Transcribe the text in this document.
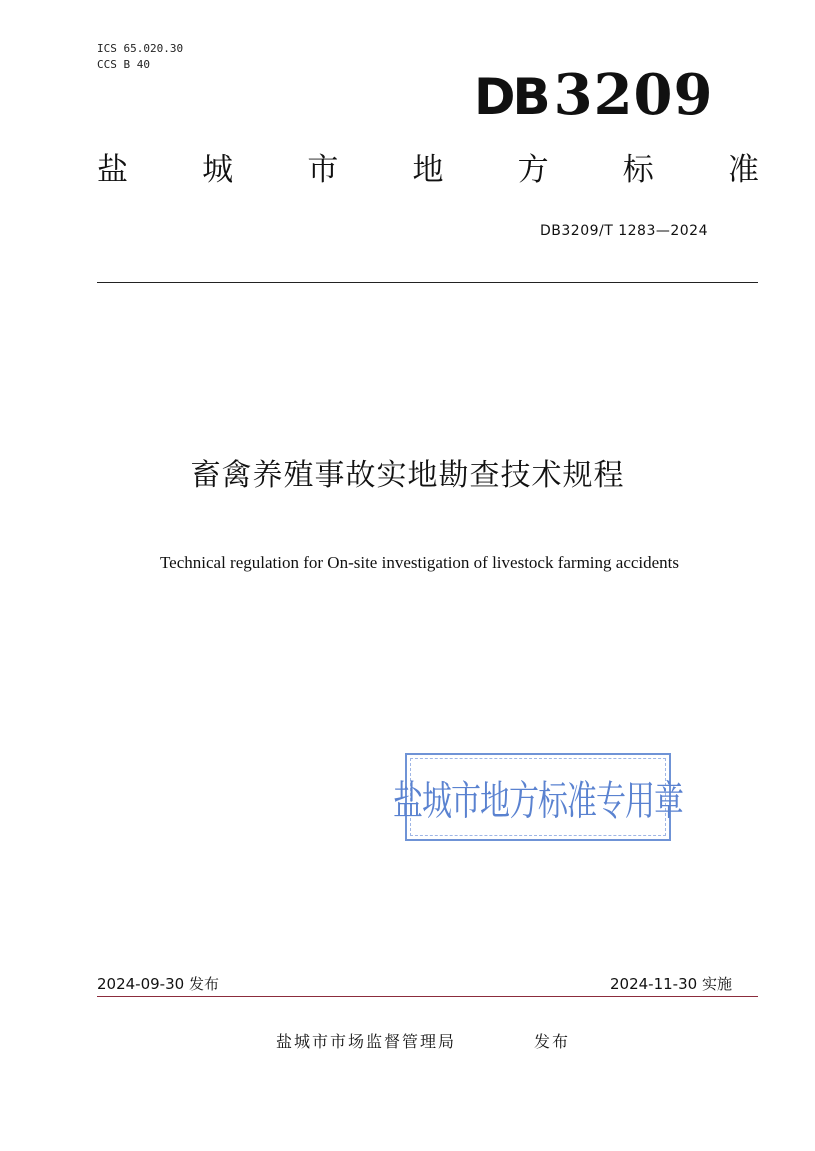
ICS 65.020.30
CCS B 40
DB 3209
盐 城 市 地 方 标 准
DB3209/T 1283—2024
畜禽养殖事故实地勘查技术规程
Technical regulation for On-site investigation of livestock farming accidents
盐城市地方标准专用章
2024-09-30 发布	2024-11-30 实施
盐城市市场监督管理局	发布
